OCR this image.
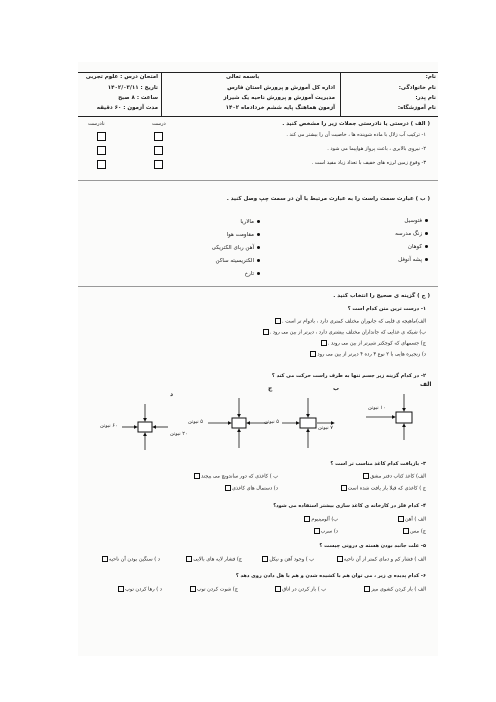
امتحان درس : علوم تجربی
تاریخ : ۱۴۰۲/۰۳/۱۱
ساعت : ۸ صبح
مدت آزمون : ۶۰ دقیقه
باسمه تعالی
اداره کل آموزش و پرورش استان فارس
مدیریت آموزش و پرورش ناحیه یک شیراز
آزمون هماهنگ پایه ششم خردادماه ۱۴۰۲
نام:
نام خانوادگی:
نام پدر:
نام آموزشگاه:
( الف ) درستی یا نادرستی جملات زیر را مشخص کنید .
درست
نادرست
۱- ترکیب آب زلال با ماده شوینده ها ، خاصیت آن را بیشتر می کند .
۲- نیروی بالابری ، باعث پرواز هواپیما می شود .
۳- وقوع زمین لرزه های خفیف با تعداد زیاد مفید است .
( ب ) عبارت سمت راست را به عبارت مرتبط با آن در سمت چپ وصل کنید .
فتوسیل
زنگ مدرسه
کوهان
پشه آنوفل
مالاریا
مقاومت هوا
آهن ربای الکتریکی
الکتریسیته ساکن
تارخ
( ج ) گزینه ی صحیح را انتخاب کنید .
۱- درست ترین متن کدام است ؟
الف)ماهیچه ی قلبی که جانوران مختلف کمتری دارد ، بادوام تر است .
ب) شبکه ی غذایی که جانداران مختلف بیشتری دارد ، دیرتر از بین می رود .
ج) جسمهای که کوچکتر شیرتر از بین می روند .
د) زنجیره هایی با ۲ نوع ۳ رده ۴ دیرتر از بین می رود
۲- در کدام گزینه زیر جسم تنها به طرف راست حرکت می کند ؟
د
ج	ب
الف
۶۰ نیوتن
۲۰ نیوتن
۵ نیوتن	۵ نیوتن
۷ نیوتن
۱۰ نیوتن
۳- بازیافت کدام کاغذ مناسب تر است ؟
الف) کاغذ کتاب دفتر مشق
ب ) کاغذی که دور ساندویچ می پیچند
ج ) کاغذی که قبلا باز یافت شده است
د) دستمال های کاغذی
۴- کدام فلز در کارخانه ی کاغذ سازی بیشتر استفاده می شود؟
الف ) آهن
ب) آلومینیوم
ج) مس
د) سرب
۵- علت جانبد بودن هسته ی درونی چیست ؟
الف ) فشار کم و دمای کمتر از آن ناحیه
ب ) وجود آهن و نیکل
ج) فشار لایه های بالایی
د ) سنگین بودن آن ناحیه
۶- کدام پدیده ی زیر ، می توان هم با کشیده شدن و هم با هل دادن روی دهد ؟
الف ) باز کردن کشوی میز
ب ) باز کردن در اتاق
ج) شوت کردن توپ
د ) رها کردن توپ
